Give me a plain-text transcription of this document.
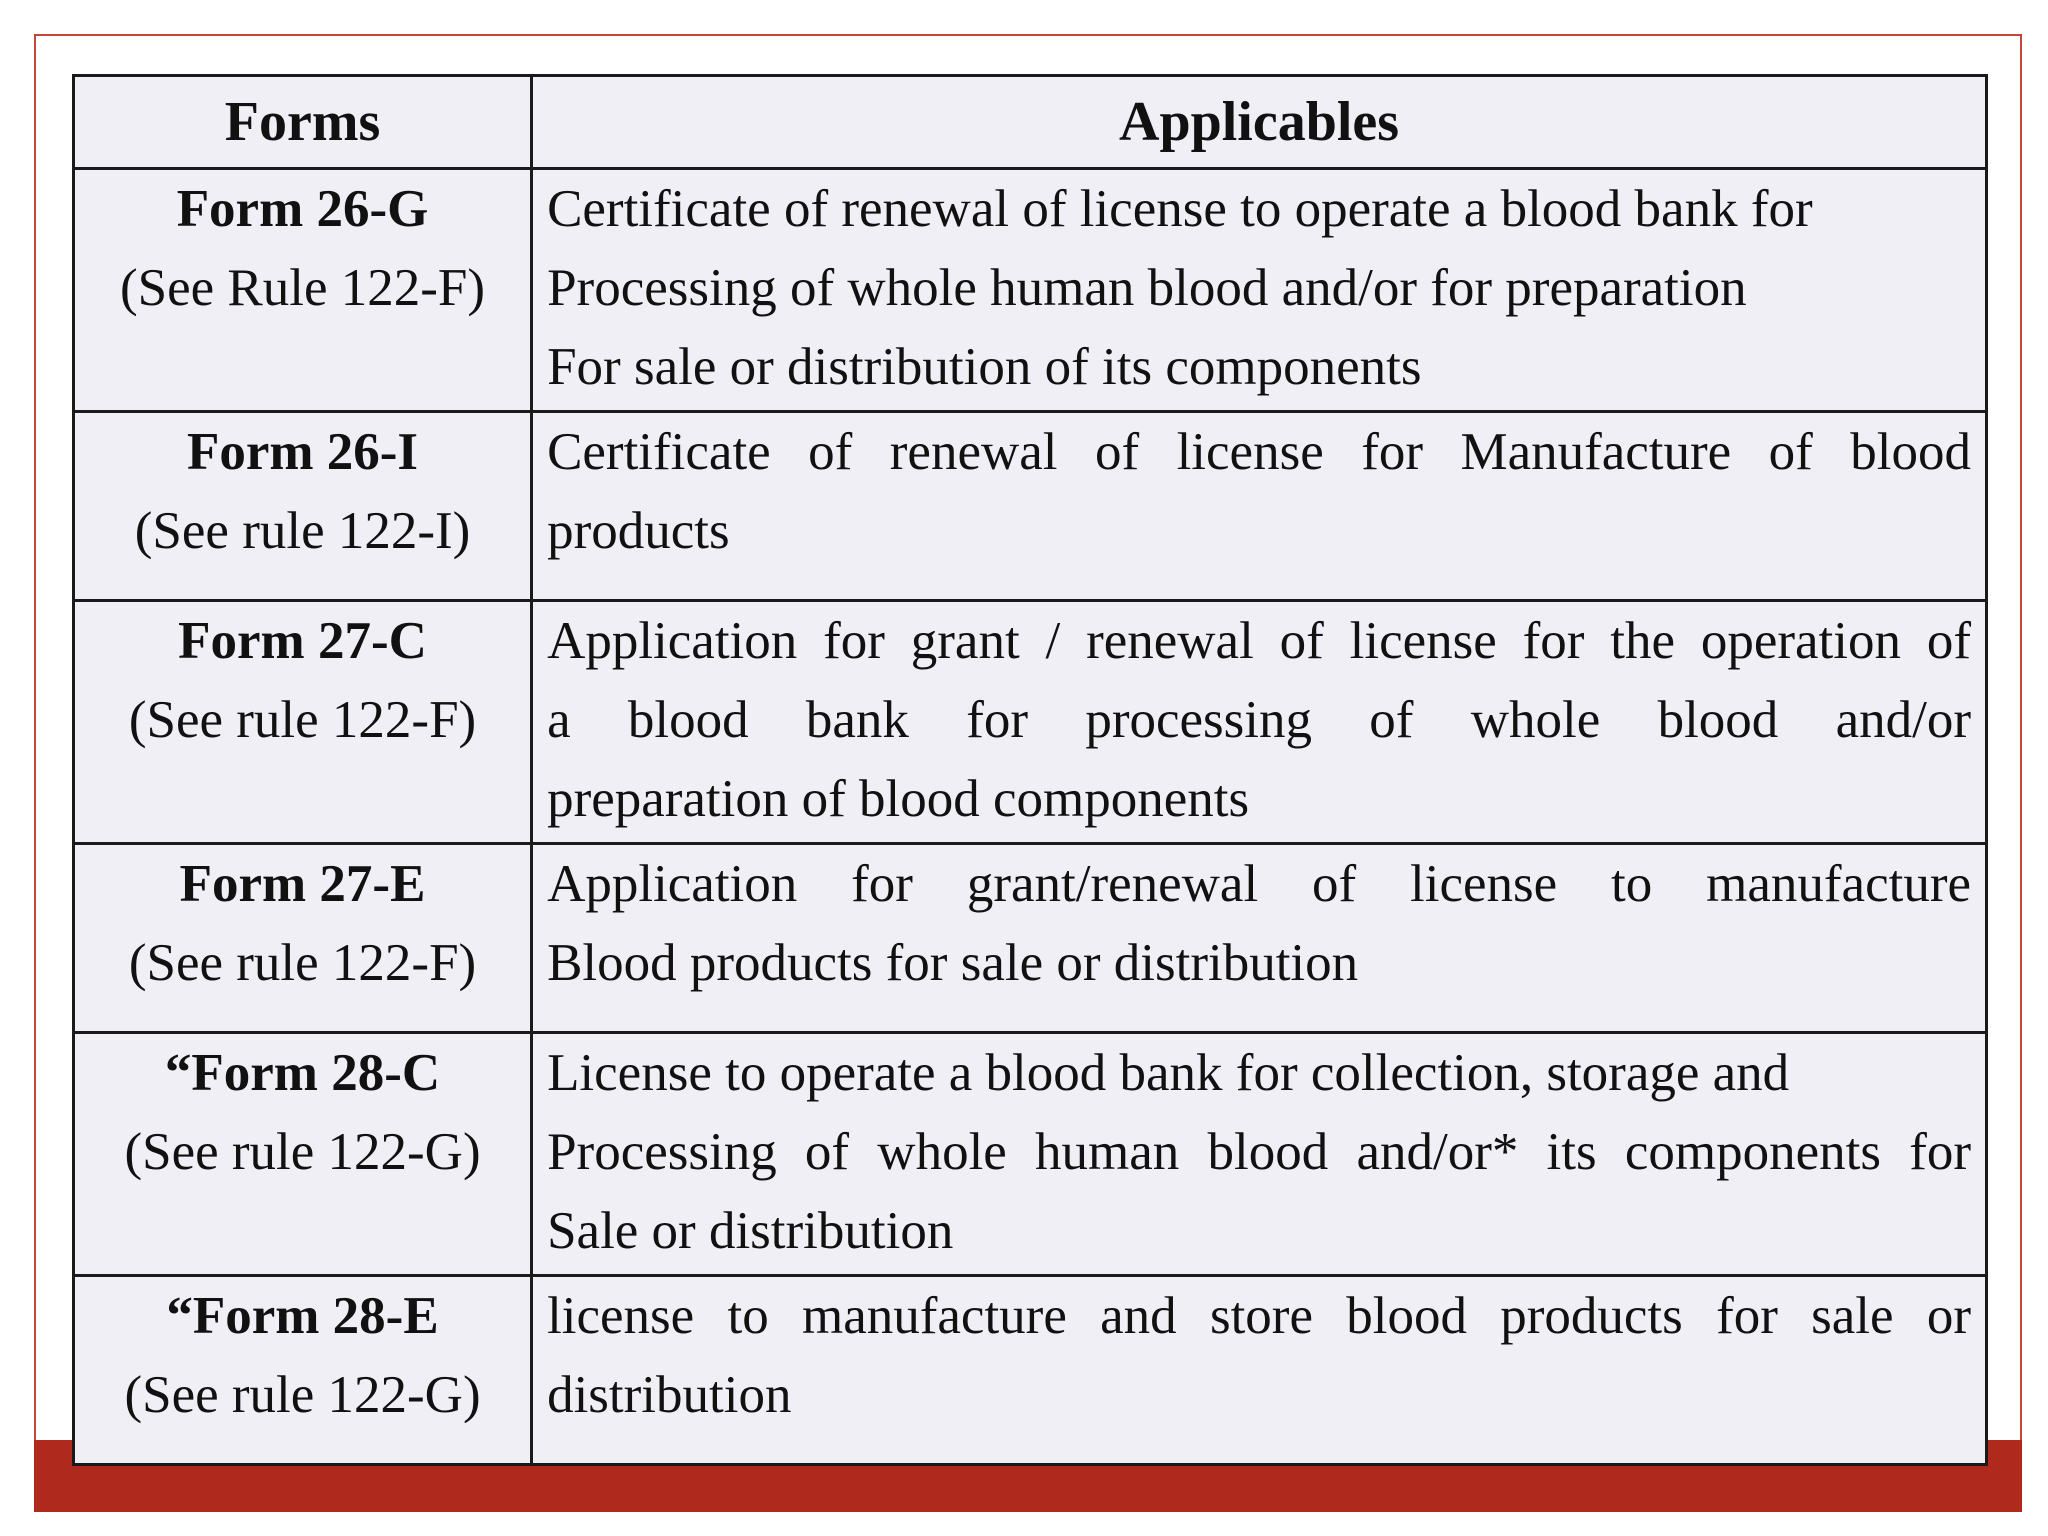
Forms	Applicables

Form 26-G
(See Rule 122-F)	Certificate of renewal of license to operate a blood bank for
Processing of whole human blood and/or for preparation
For sale or distribution of its components

Form 26-I
(See rule 122-I)	Certificate of renewal of license for Manufacture of blood
products

Form 27-C
(See rule 122-F)	Application for grant / renewal of license for the operation of
a blood bank for processing of whole blood and/or
preparation of blood components

Form 27-E
(See rule 122-F)	Application for grant/renewal of license to manufacture
Blood products for sale or distribution

“Form 28-C
(See rule 122-G)	License to operate a blood bank for collection, storage and
Processing of whole human blood and/or* its components for
Sale or distribution

“Form 28-E
(See rule 122-G)	license to manufacture and store blood products for sale or
distribution
